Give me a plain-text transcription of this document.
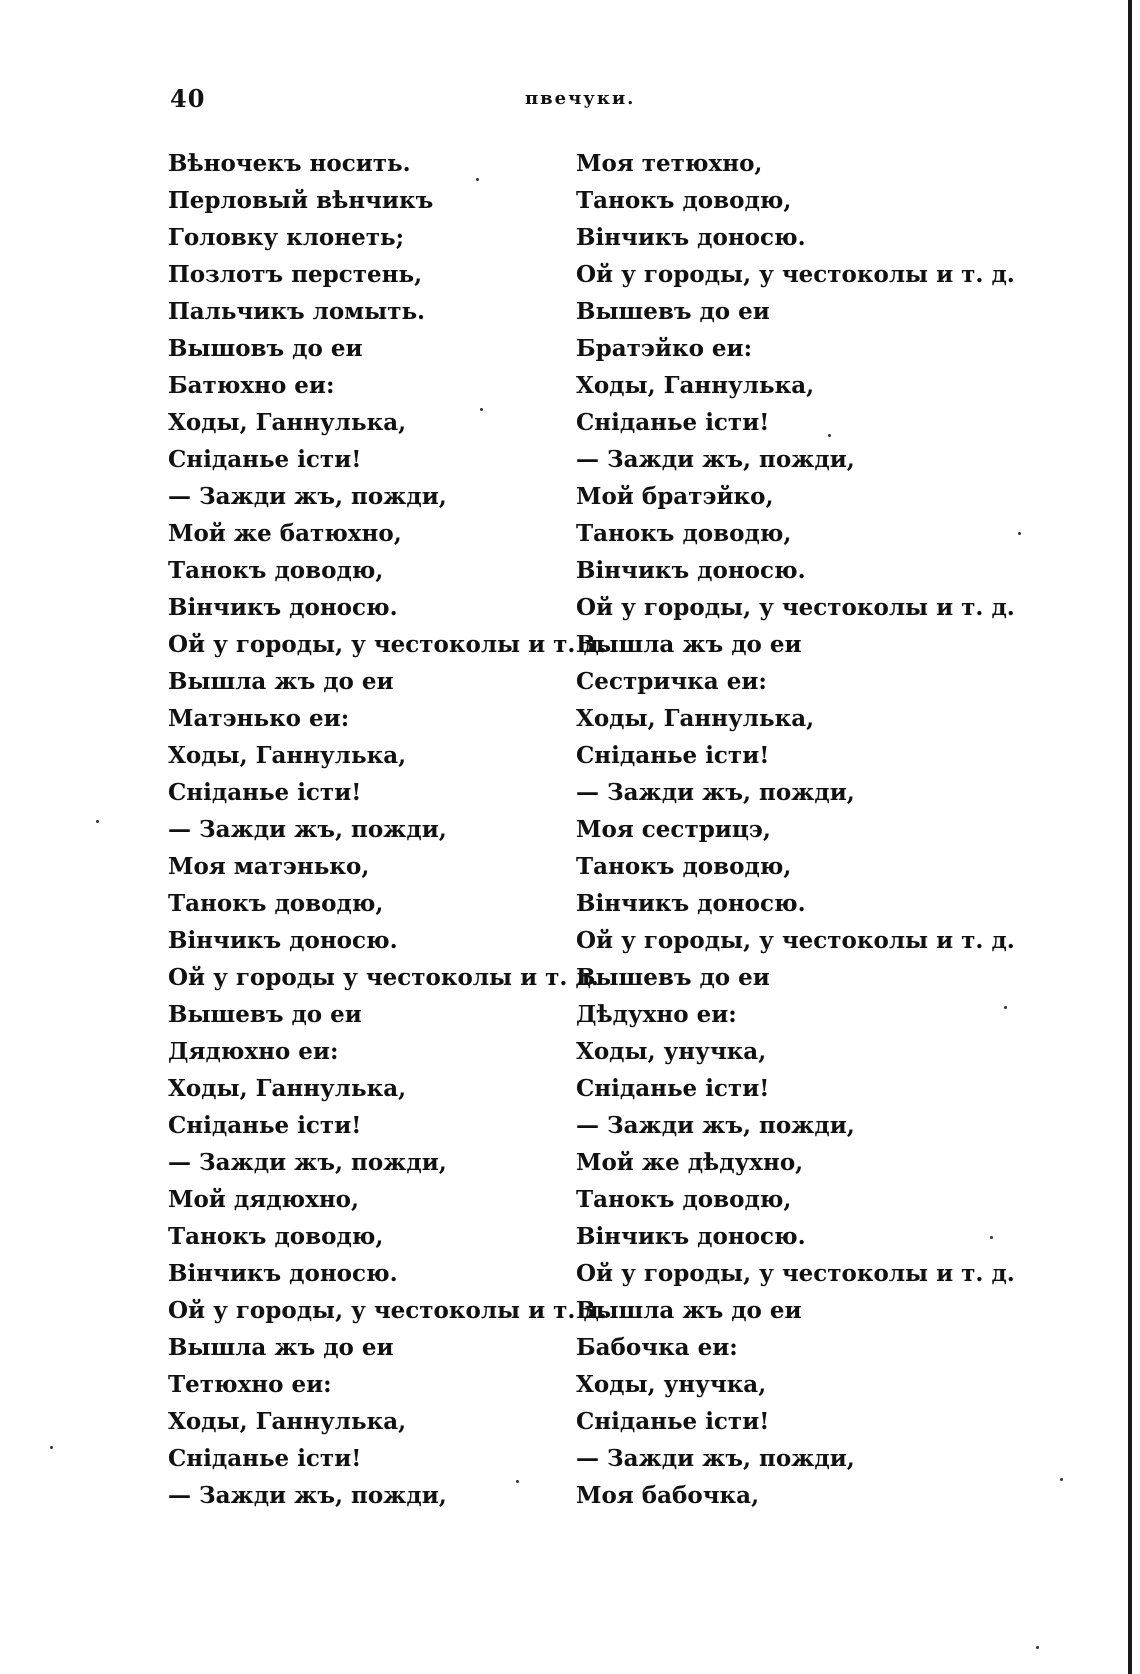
40	пвечуки.
Вѣночекъ носить.
Перловый вѣнчикъ
Головку клонеть;
Позлотъ перстень,
Пальчикъ ломыть.
Вышовъ до еи
Батюхно еи:
Ходы, Ганнулька,
Сніданье істи!
— Зажди жъ, пожди,
Мой же батюхно,
Танокъ доводю,
Вінчикъ доносю.
Ой у городы, у честоколы и т. д.
Вышла жъ до еи
Матэнько еи:
Ходы, Ганнулька,
Сніданье істи!
— Зажди жъ, пожди,
Моя матэнько,
Танокъ доводю,
Вінчикъ доносю.
Ой у городы у честоколы и т. д.
Вышевъ до еи
Дядюхно еи:
Ходы, Ганнулька,
Сніданье істи!
— Зажди жъ, пожди,
Мой дядюхно,
Танокъ доводю,
Вінчикъ доносю.
Ой у городы, у честоколы и т. д.
Вышла жъ до еи
Тетюхно еи:
Ходы, Ганнулька,
Сніданье істи!
— Зажди жъ, пожди,
Моя тетюхно,
Танокъ доводю,
Вінчикъ доносю.
Ой у городы, у честоколы и т. д.
Вышевъ до еи
Братэйко еи:
Ходы, Ганнулька,
Сніданье істи!
— Зажди жъ, пожди,
Мой братэйко,
Танокъ доводю,
Вінчикъ доносю.
Ой у городы, у честоколы и т. д.
Вышла жъ до еи
Сестричка еи:
Ходы, Ганнулька,
Сніданье істи!
— Зажди жъ, пожди,
Моя сестрицэ,
Танокъ доводю,
Вінчикъ доносю.
Ой у городы, у честоколы и т. д.
Вышевъ до еи
Дѣдухно еи:
Ходы, унучка,
Сніданье істи!
— Зажди жъ, пожди,
Мой же дѣдухно,
Танокъ доводю,
Вінчикъ доносю.
Ой у городы, у честоколы и т. д.
Вышла жъ до еи
Бабочка еи:
Ходы, унучка,
Сніданье істи!
— Зажди жъ, пожди,
Моя бабочка,
